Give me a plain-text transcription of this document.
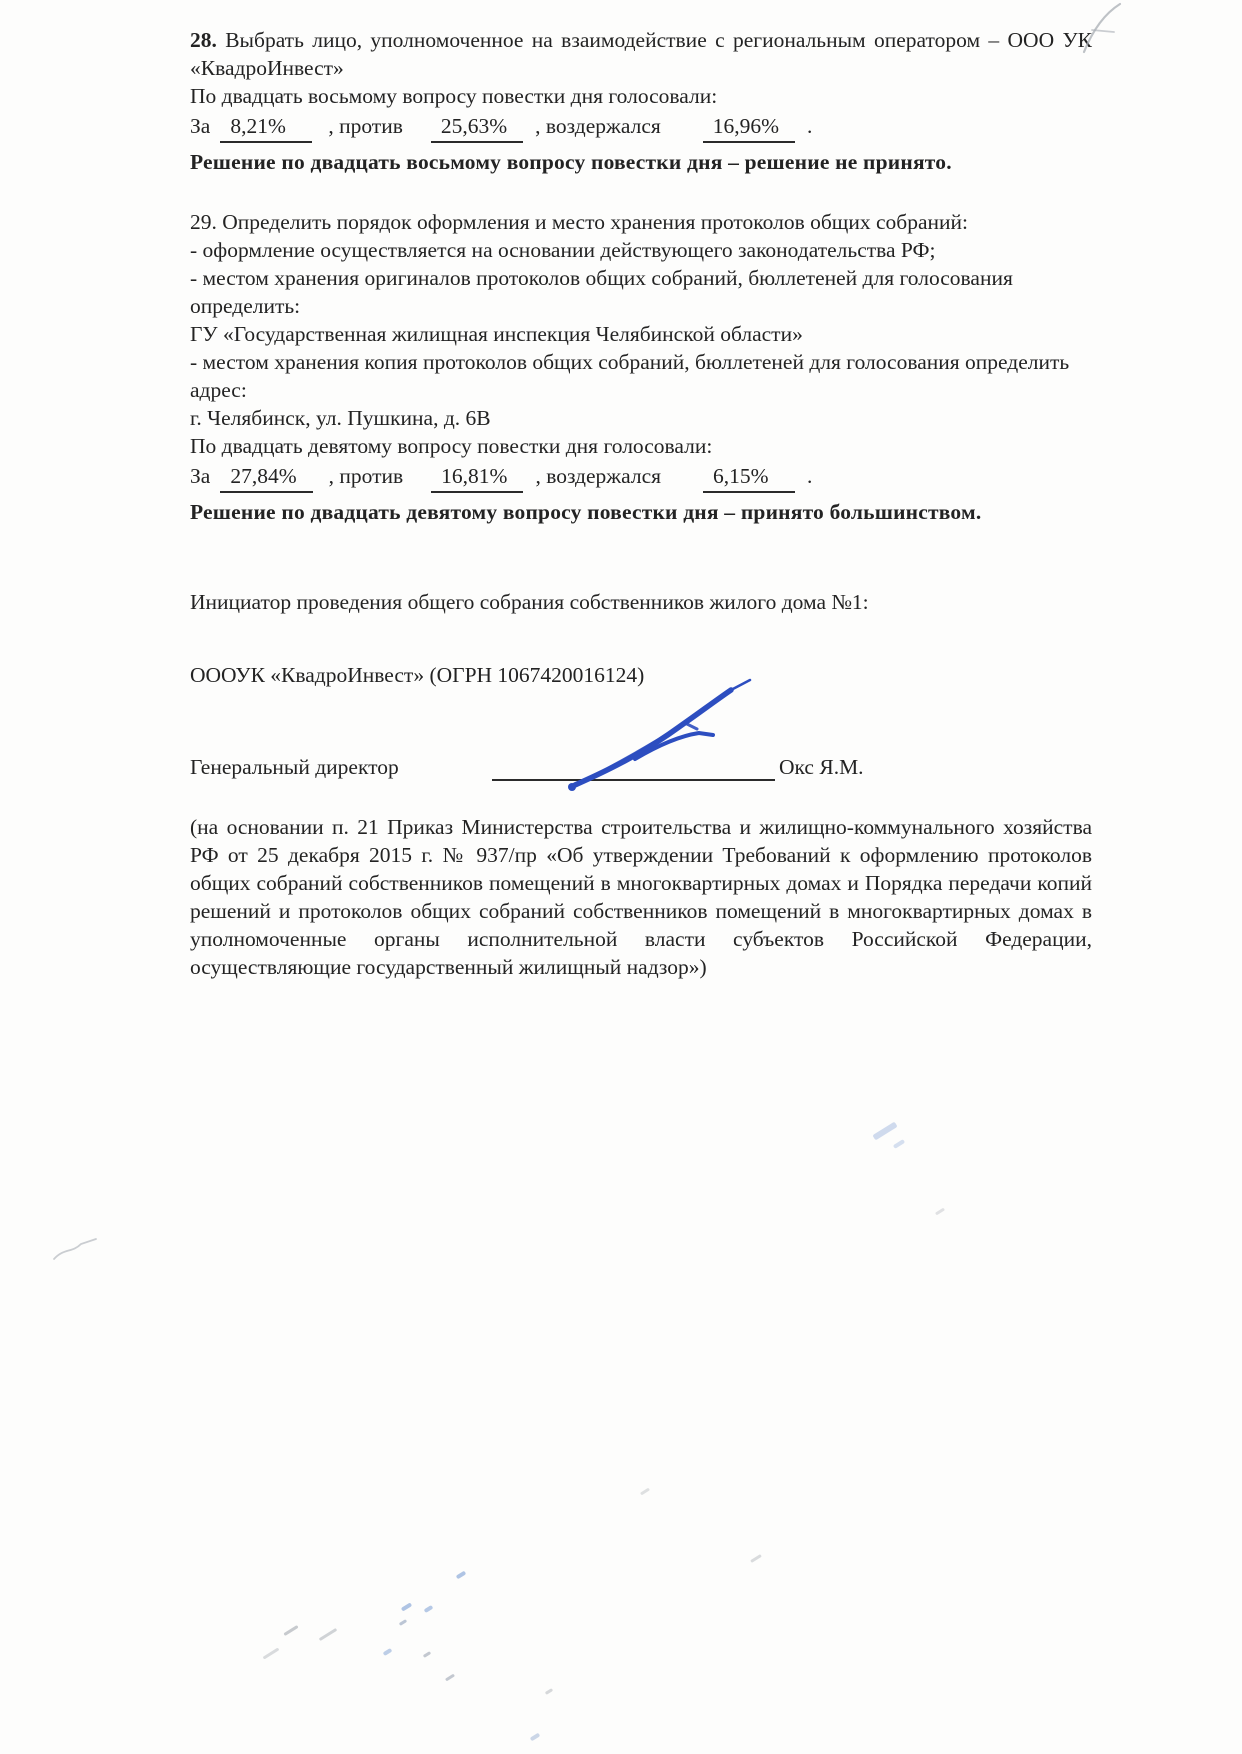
28. Выбрать лицо, уполномоченное на взаимодействие с региональным оператором – ООО УК
«КвадроИнвест»
По двадцать восьмому вопросу повестки дня голосовали:
За 8,21% , против 25,63% , воздержался 16,96% .
Решение по двадцать восьмому вопросу повестки дня – решение не принято.
29. Определить порядок оформления и место хранения протоколов общих собраний:
- оформление осуществляется на основании действующего законодательства РФ;
- местом хранения оригиналов протоколов общих собраний, бюллетеней для голосования определить:
ГУ «Государственная жилищная инспекция Челябинской области»
- местом хранения копия протоколов общих собраний, бюллетеней для голосования определить адрес:
г. Челябинск, ул. Пушкина, д. 6В
По двадцать девятому вопросу повестки дня голосовали:
За 27,84% , против 16,81% , воздержался 6,15% .
Решение по двадцать девятому вопросу повестки дня – принято большинством.
Инициатор проведения общего собрания собственников жилого дома №1:
ОООУК «КвадроИнвест» (ОГРН 1067420016124)
Генеральный директор	Окс Я.М.
(на основании п. 21 Приказ Министерства строительства и жилищно-коммунального хозяйства РФ от 25 декабря 2015 г. № 937/пр «Об утверждении Требований к оформлению протоколов общих собраний собственников помещений в многоквартирных домах и Порядка передачи копий решений и протоколов общих собраний собственников помещений в многоквартирных домах в уполномоченные органы исполнительной власти субъектов Российской Федерации, осуществляющие государственный жилищный надзор»)
